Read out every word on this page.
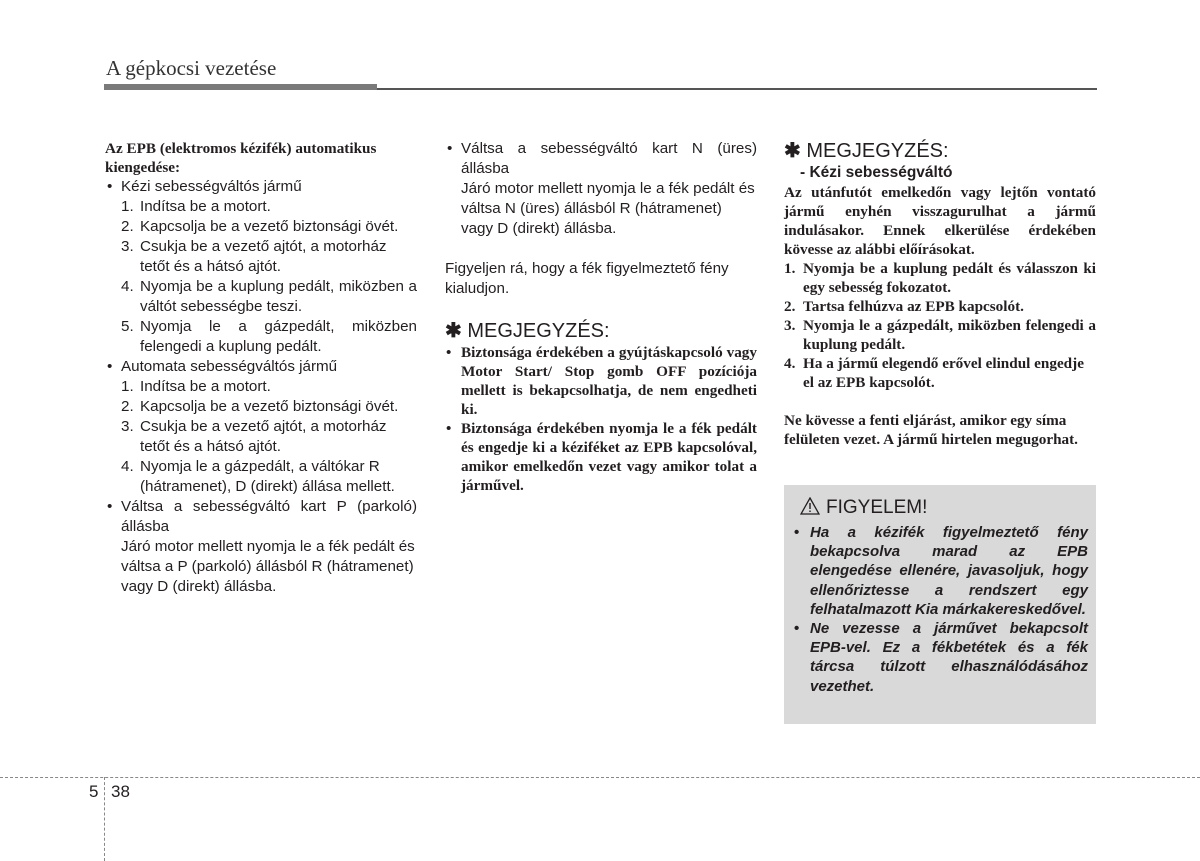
A gépkocsi vezetése

Az EPB (elektromos kézifék) automatikus kiengedése:

• Kézi sebességváltós jármű
1. Indítsa be a motort.
2. Kapcsolja be a vezető biztonsági övét.
3. Csukja be a vezető ajtót, a motorház tetőt és a hátsó ajtót.
4. Nyomja be a kuplung pedált, miközben a váltót sebességbe teszi.
5. Nyomja le a gázpedált, miközben felengedi a kuplung pedált.
• Automata sebességváltós jármű
1. Indítsa be a motort.
2. Kapcsolja be a vezető biztonsági övét.
3. Csukja be a vezető ajtót, a motorház tetőt és a hátsó ajtót.
4. Nyomja le a gázpedált, a váltókar R (hátramenet), D (direkt) állása mellett.
• Váltsa a sebességváltó kart P (parkoló) állásba
Járó motor mellett nyomja le a fék pedált és váltsa a P (parkoló) állásból R (hátramenet) vagy D (direkt) állásba.
• Váltsa a sebességváltó kart N (üres) állásba
Járó motor mellett nyomja le a fék pedált és váltsa N (üres) állásból R (hátramenet) vagy D (direkt) állásba.

Figyeljen rá, hogy a fék figyelmeztető fény kialudjon.

✱ MEGJEGYZÉS:

• Biztonsága érdekében a gyújtáskapcsoló vagy Motor Start/ Stop gomb OFF pozíciója mellett is bekapcsolhatja, de nem engedheti ki.
• Biztonsága érdekében nyomja le a fék pedált és engedje ki a kéziféket az EPB kapcsolóval, amikor emelkedőn vezet vagy amikor tolat a járművel.

✱ MEGJEGYZÉS:

- Kézi sebességváltó

Az utánfutót emelkedőn vagy lejtőn vontató jármű enyhén visszagurulhat a jármű indulásakor. Ennek elkerülése érdekében kövesse az alábbi előírásokat.

1. Nyomja be a kuplung pedált és válasszon ki egy sebesség fokozatot.
2. Tartsa felhúzva az EPB kapcsolót.
3. Nyomja le a gázpedált, miközben felengedi a kuplung pedált.
4. Ha a jármű elegendő erővel elindul engedje el az EPB kapcsolót.

Ne kövesse a fenti eljárást, amikor egy síma felületen vezet. A jármű hirtelen megugorhat.

FIGYELEM!
• Ha a kézifék figyelmeztető fény bekapcsolva marad az EPB elengedése ellenére, javasoljuk, hogy ellenőriztesse a rendszert egy felhatalmazott Kia márkakereskedővel.
• Ne vezesse a járművet bekapcsolt EPB-vel. Ez a fékbetétek és a fék tárcsa túlzott elhasználódásához vezethet.
5 38
